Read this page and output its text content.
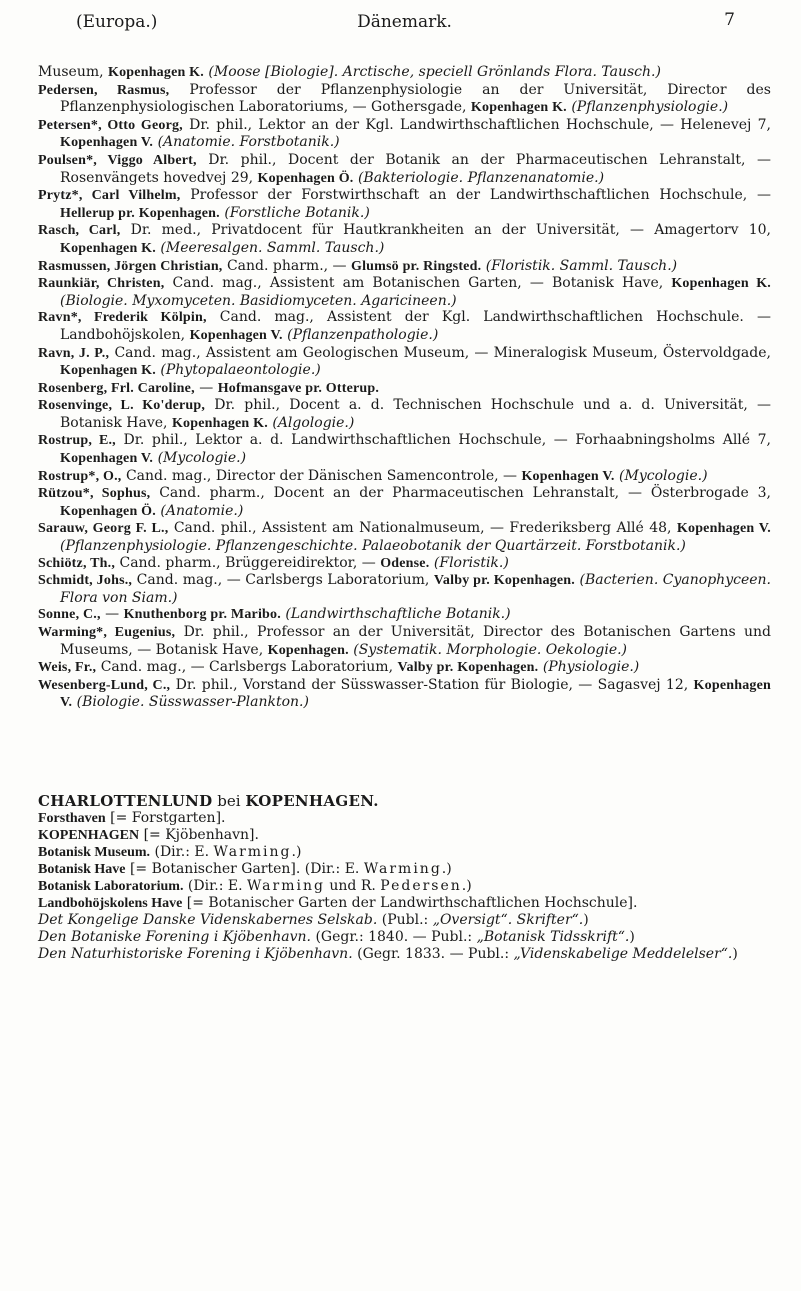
(Europa.)	Dänemark.	7

Museum, Kopenhagen K. (Moose [Biologie]. Arctische, speciell Grönlands Flora. Tausch.)

Pedersen, Rasmus, Professor der Pflanzenphysiologie an der Universität, Director des Pflanzenphysiologischen Laboratoriums, — Gothersgade, Kopenhagen K. (Pflanzenphysiologie.)

Petersen*, Otto Georg, Dr. phil., Lektor an der Kgl. Landwirthschaftlichen Hochschule, — Helenevej 7, Kopenhagen V. (Anatomie. Forstbotanik.)

Poulsen*, Viggo Albert, Dr. phil., Docent der Botanik an der Pharmaceutischen Lehranstalt, — Rosenvängets hovedvej 29, Kopenhagen Ö. (Bakteriologie. Pflanzenanatomie.)

Prytz*, Carl Vilhelm, Professor der Forstwirthschaft an der Landwirthschaftlichen Hochschule, — Hellerup pr. Kopenhagen. (Forstliche Botanik.)

Rasch, Carl, Dr. med., Privatdocent für Hautkrankheiten an der Universität, — Amagertorv 10, Kopenhagen K. (Meeresalgen. Samml. Tausch.)

Rasmussen, Jörgen Christian, Cand. pharm., — Glumsö pr. Ringsted. (Floristik. Samml. Tausch.)

Raunkiär, Christen, Cand. mag., Assistent am Botanischen Garten, — Botanisk Have, Kopenhagen K. (Biologie. Myxomyceten. Basidiomyceten. Agaricineen.)

Ravn*, Frederik Kölpin, Cand. mag., Assistent der Kgl. Landwirthschaftlichen Hochschule. — Landbohöjskolen, Kopenhagen V. (Pflanzenpathologie.)

Ravn, J. P., Cand. mag., Assistent am Geologischen Museum, — Mineralogisk Museum, Östervoldgade, Kopenhagen K. (Phytopalaeontologie.)

Rosenberg, Frl. Caroline, — Hofmansgave pr. Otterup.

Rosenvinge, L. Ko'derup, Dr. phil., Docent a. d. Technischen Hochschule und a. d. Universität, — Botanisk Have, Kopenhagen K. (Algologie.)

Rostrup, E., Dr. phil., Lektor a. d. Landwirthschaftlichen Hochschule, — Forhaabningsholms Allé 7, Kopenhagen V. (Mycologie.)

Rostrup*, O., Cand. mag., Director der Dänischen Samencontrole, — Kopenhagen V. (Mycologie.)

Rützou*, Sophus, Cand. pharm., Docent an der Pharmaceutischen Lehranstalt, — Österbrogade 3, Kopenhagen Ö. (Anatomie.)

Sarauw, Georg F. L., Cand. phil., Assistent am Nationalmuseum, — Frederiksberg Allé 48, Kopenhagen V. (Pflanzenphysiologie. Pflanzengeschichte. Palaeobotanik der Quartärzeit. Forstbotanik.)

Schiötz, Th., Cand. pharm., Brüggereidirektor, — Odense. (Floristik.)

Schmidt, Johs., Cand. mag., — Carlsbergs Laboratorium, Valby pr. Kopenhagen. (Bacterien. Cyanophyceen. Flora von Siam.)

Sonne, C., — Knuthenborg pr. Maribo. (Landwirthschaftliche Botanik.)

Warming*, Eugenius, Dr. phil., Professor an der Universität, Director des Botanischen Gartens und Museums, — Botanisk Have, Kopenhagen. (Systematik. Morphologie. Oekologie.)

Weis, Fr., Cand. mag., — Carlsbergs Laboratorium, Valby pr. Kopenhagen. (Physiologie.)

Wesenberg-Lund, C., Dr. phil., Vorstand der Süsswasser-Station für Biologie, — Sagasvej 12, Kopenhagen V. (Biologie. Süsswasser-Plankton.)

CHARLOTTENLUND bei KOPENHAGEN.

Forsthaven [= Forstgarten].

KOPENHAGEN [= Kjöbenhavn].

Botanisk Museum. (Dir.: E. Warming.)

Botanisk Have [= Botanischer Garten]. (Dir.: E. Warming.)

Botanisk Laboratorium. (Dir.: E. Warming und R. Pedersen.)

Landbohöjskolens Have [= Botanischer Garten der Landwirthschaftlichen Hochschule].

Det Kongelige Danske Videnskabernes Selskab. (Publ.: „Oversigt“. Skrifter“.)

Den Botaniske Forening i Kjöbenhavn. (Gegr.: 1840. — Publ.: „Botanisk Tidsskrift“.)

Den Naturhistoriske Forening i Kjöbenhavn. (Gegr. 1833. — Publ.: „Videnskabelige Meddelelser“.)
